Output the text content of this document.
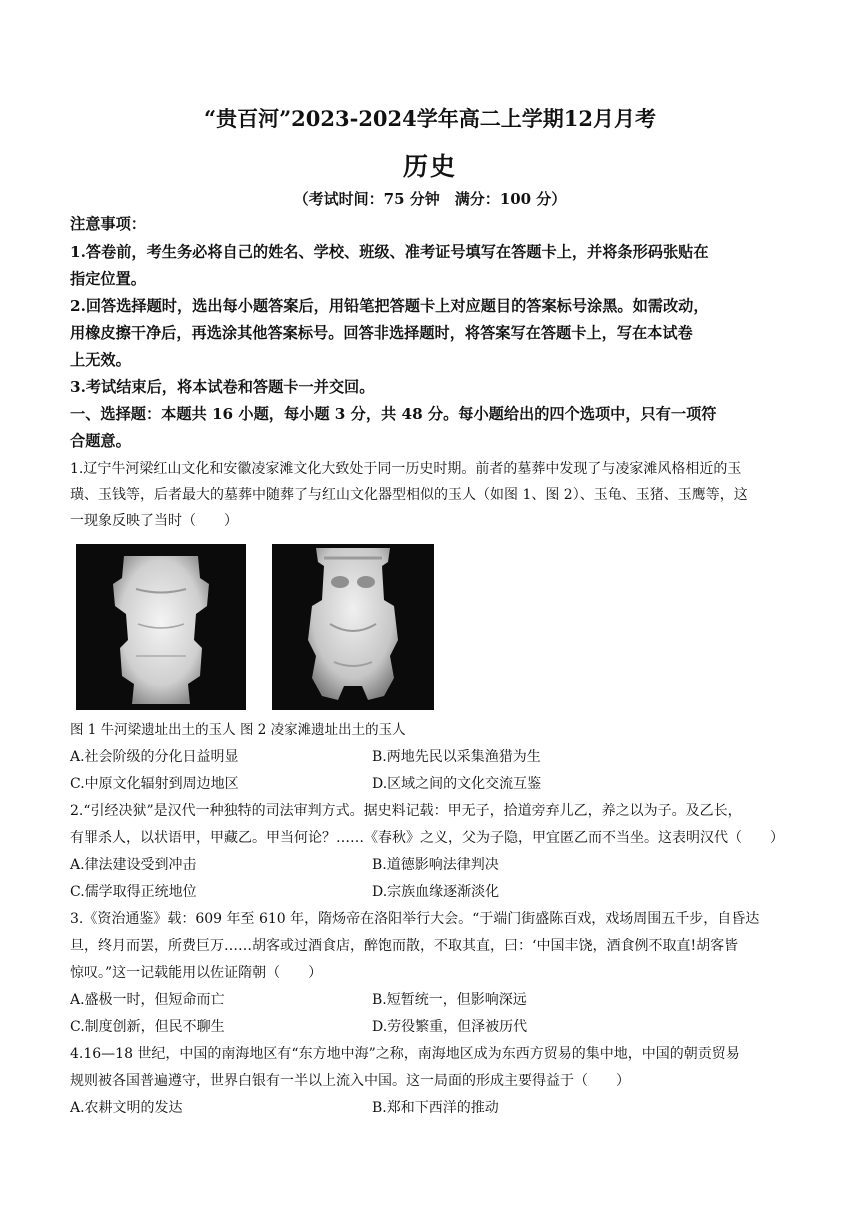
“贵百河”2023-2024学年高二上学期12月月考
历史
（考试时间：75 分钟　满分：100 分）
注意事项：
1.答卷前，考生务必将自己的姓名、学校、班级、准考证号填写在答题卡上，并将条形码张贴在
指定位置。
2.回答选择题时，选出每小题答案后，用铅笔把答题卡上对应题目的答案标号涂黑。如需改动，
用橡皮擦干净后，再选涂其他答案标号。回答非选择题时，将答案写在答题卡上，写在本试卷
上无效。
3.考试结束后，将本试卷和答题卡一并交回。
一、选择题：本题共 16 小题，每小题 3 分，共 48 分。每小题给出的四个选项中，只有一项符
合题意。
1.辽宁牛河梁红山文化和安徽凌家滩文化大致处于同一历史时期。前者的墓葬中发现了与凌家滩风格相近的玉
璜、玉钱等，后者最大的墓葬中随葬了与红山文化器型相似的玉人（如图 1、图 2）、玉龟、玉猪、玉鹰等，这
一现象反映了当时（　　）
图 1 牛河梁遗址出土的玉人 图 2 凌家滩遗址出土的玉人
A.社会阶级的分化日益明显	B.两地先民以采集渔猎为生
C.中原文化辐射到周边地区	D.区域之间的文化交流互鉴
2.“引经决狱”是汉代一种独特的司法审判方式。据史料记载：甲无子，拾道旁弃儿乙，养之以为子。及乙长，
有罪杀人，以状语甲，甲藏乙。甲当何论？……《春秋》之义，父为子隐，甲宜匿乙而不当坐。这表明汉代（　　）
A.律法建设受到冲击	B.道德影响法律判决
C.儒学取得正统地位	D.宗族血缘逐渐淡化
3.《资治通鉴》载：609 年至 610 年，隋炀帝在洛阳举行大会。“于端门街盛陈百戏，戏场周围五千步，自昏达
旦，终月而罢，所费巨万……胡客或过酒食店，醉饱而散，不取其直，曰：‘中国丰饶，酒食例不取直!胡客皆
惊叹。”这一记载能用以佐证隋朝（　　）
A.盛极一时，但短命而亡	B.短暂统一，但影响深远
C.制度创新，但民不聊生	D.劳役繁重，但泽被历代
4.16—18 世纪，中国的南海地区有“东方地中海”之称，南海地区成为东西方贸易的集中地，中国的朝贡贸易
规则被各国普遍遵守，世界白银有一半以上流入中国。这一局面的形成主要得益于（　　）
A.农耕文明的发达	B.郑和下西洋的推动
